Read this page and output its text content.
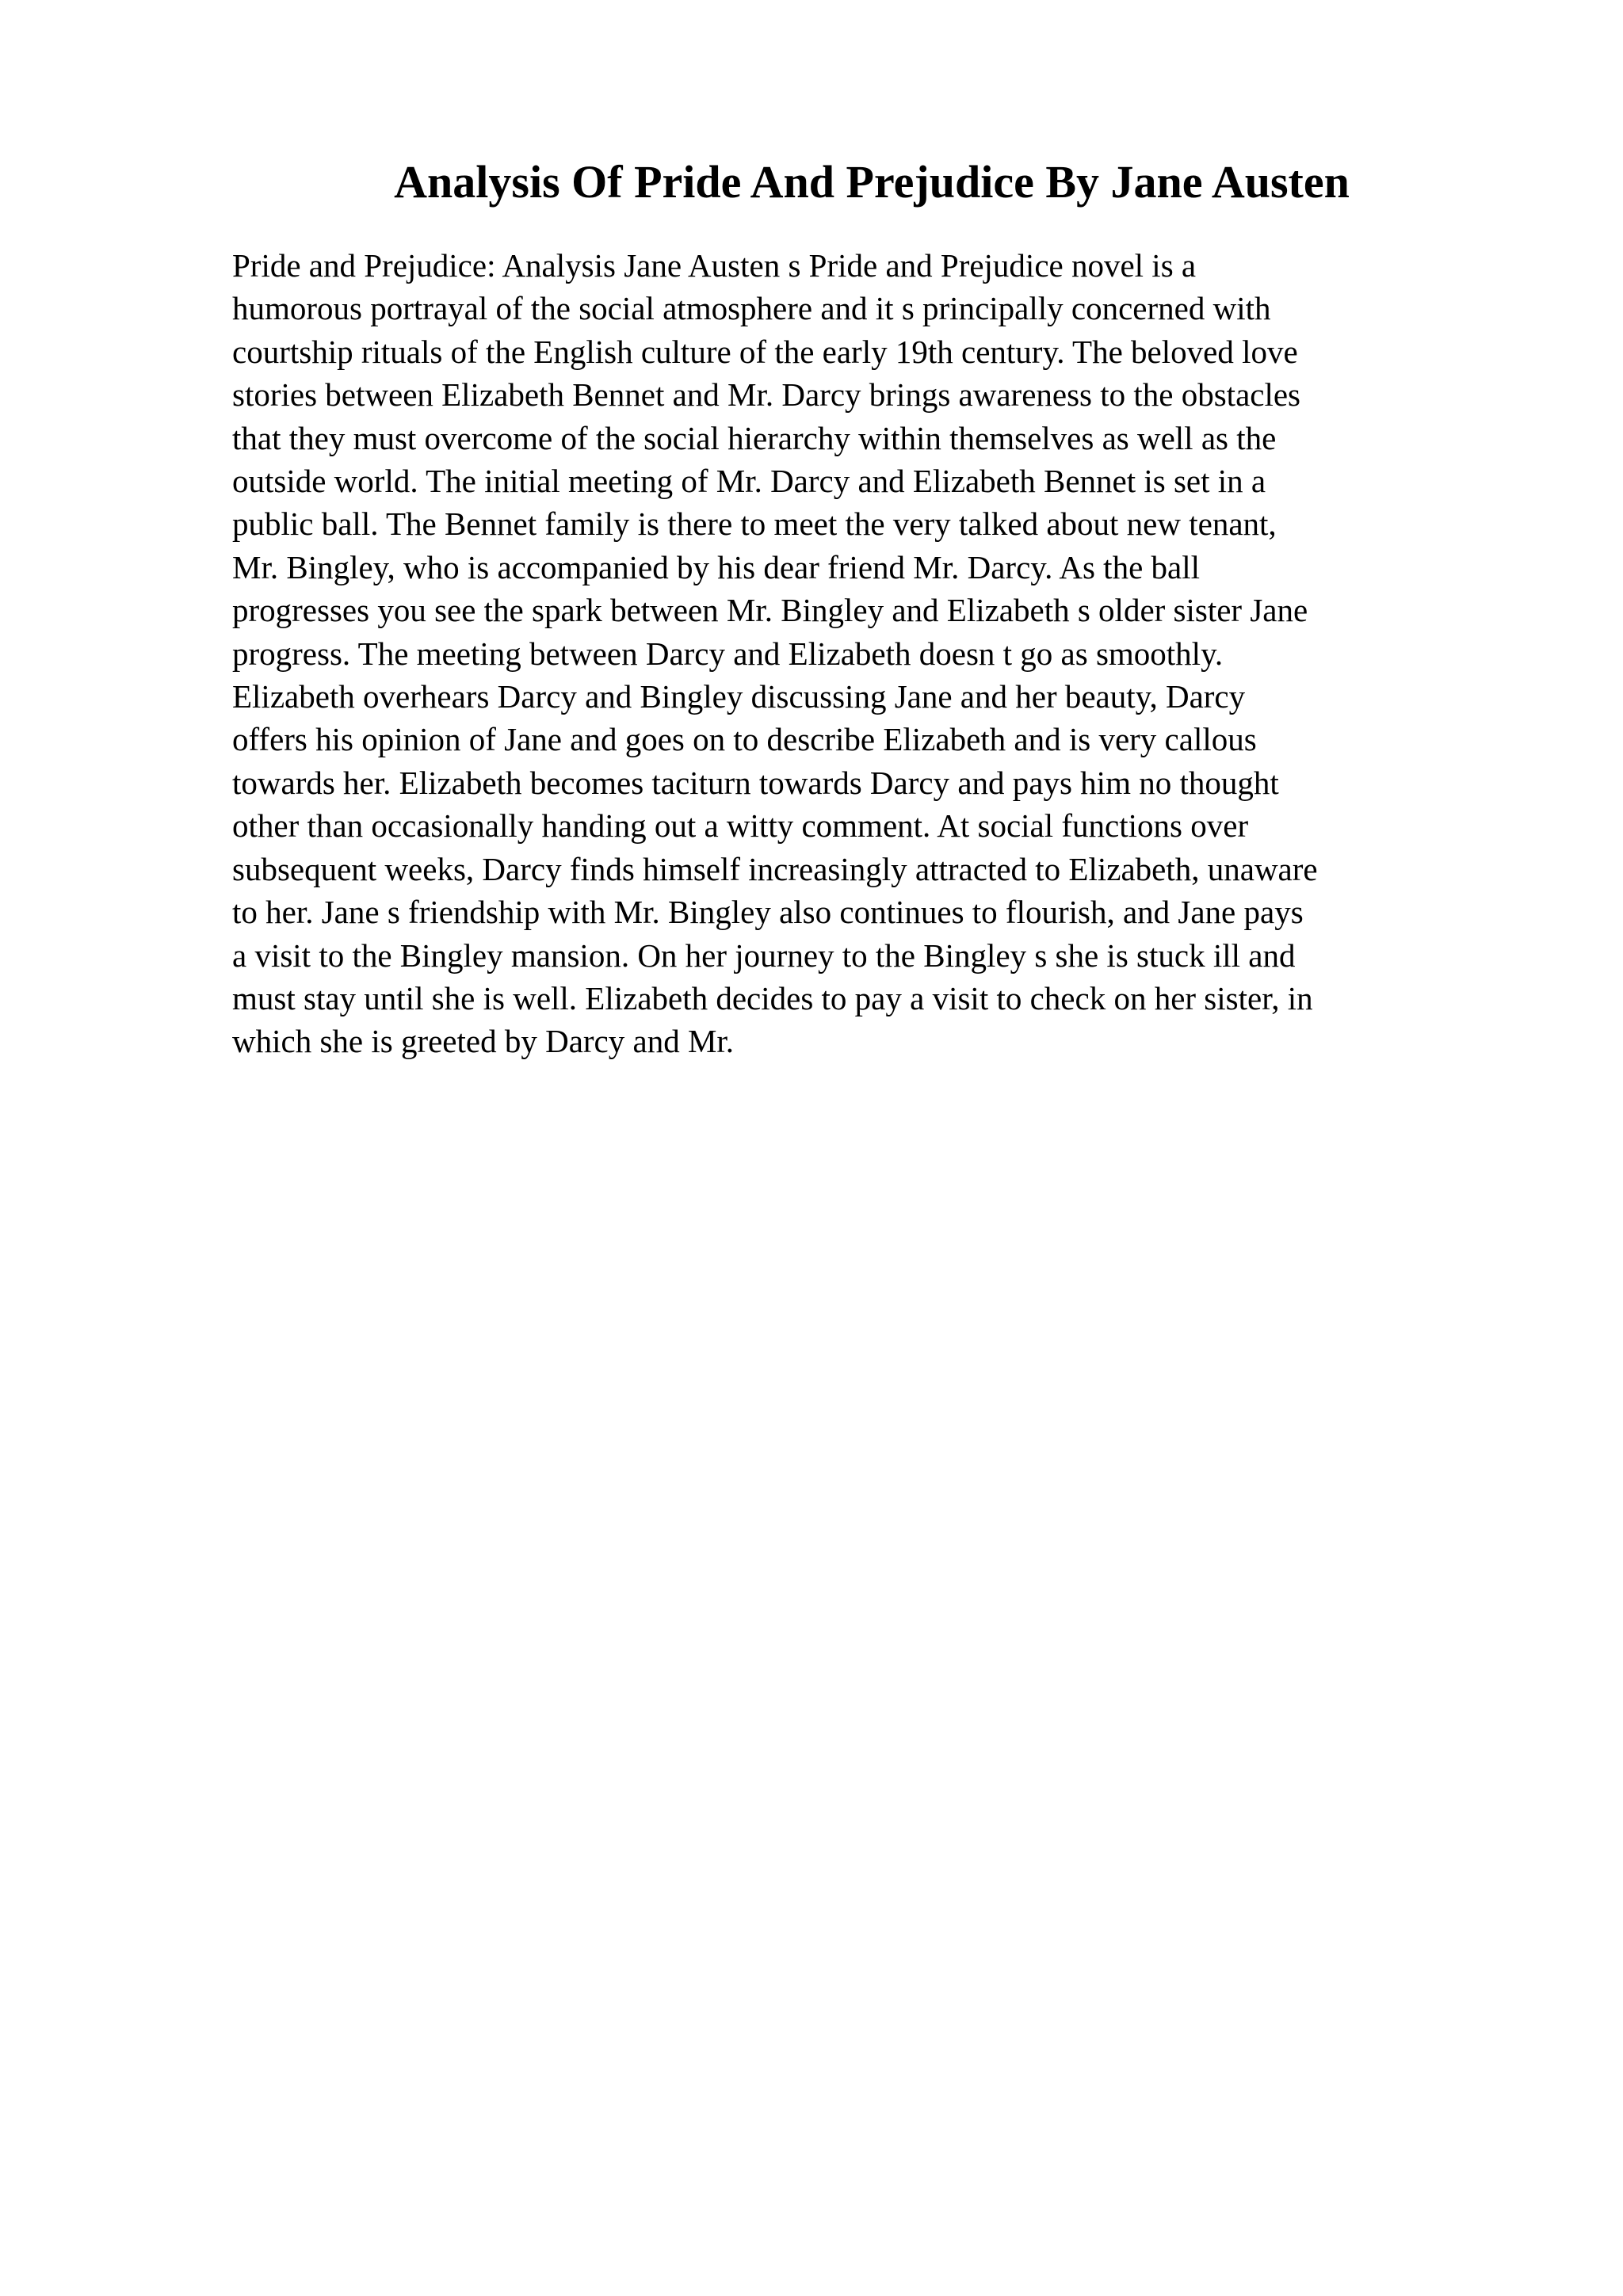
Analysis Of Pride And Prejudice By Jane Austen
Pride and Prejudice: Analysis Jane Austen s Pride and Prejudice novel is a
humorous portrayal of the social atmosphere and it s principally concerned with
courtship rituals of the English culture of the early 19th century. The beloved love
stories between Elizabeth Bennet and Mr. Darcy brings awareness to the obstacles
that they must overcome of the social hierarchy within themselves as well as the
outside world. The initial meeting of Mr. Darcy and Elizabeth Bennet is set in a
public ball. The Bennet family is there to meet the very talked about new tenant,
Mr. Bingley, who is accompanied by his dear friend Mr. Darcy. As the ball
progresses you see the spark between Mr. Bingley and Elizabeth s older sister Jane
progress. The meeting between Darcy and Elizabeth doesn t go as smoothly.
Elizabeth overhears Darcy and Bingley discussing Jane and her beauty, Darcy
offers his opinion of Jane and goes on to describe Elizabeth and is very callous
towards her. Elizabeth becomes taciturn towards Darcy and pays him no thought
other than occasionally handing out a witty comment. At social functions over
subsequent weeks, Darcy finds himself increasingly attracted to Elizabeth, unaware
to her. Jane s friendship with Mr. Bingley also continues to flourish, and Jane pays
a visit to the Bingley mansion. On her journey to the Bingley s she is stuck ill and
must stay until she is well. Elizabeth decides to pay a visit to check on her sister, in
which she is greeted by Darcy and Mr.
